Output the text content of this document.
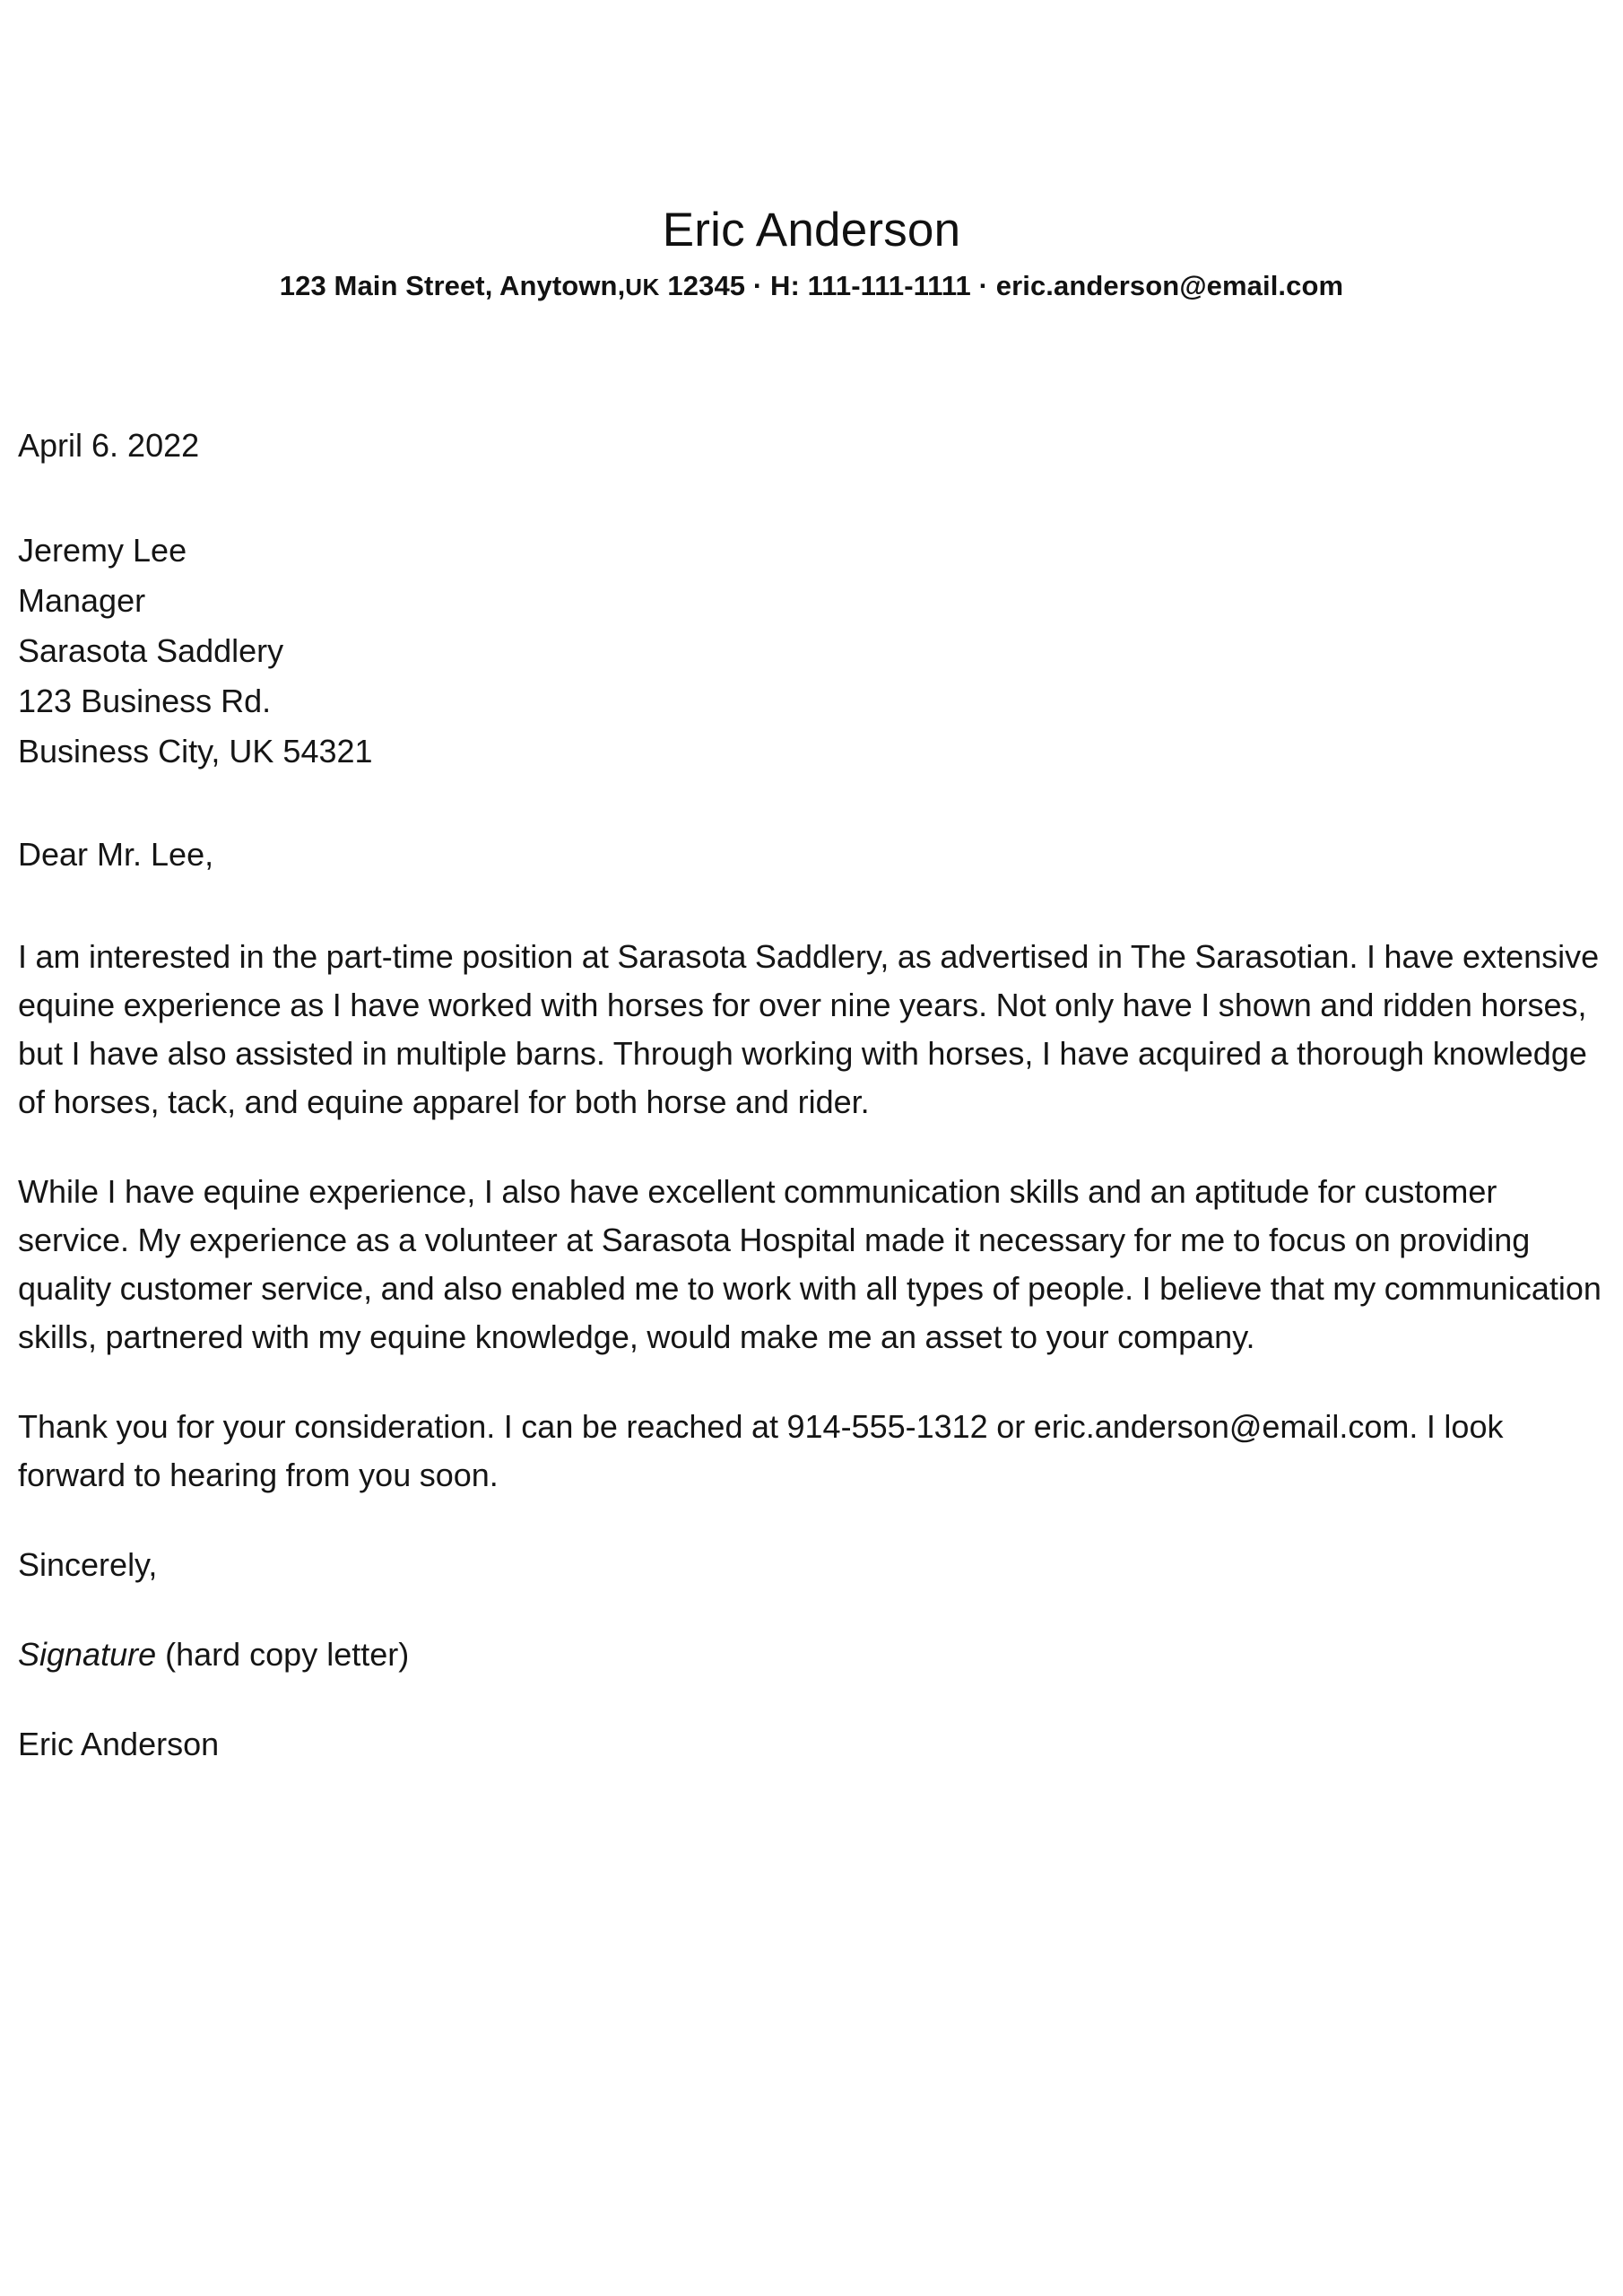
Eric Anderson
123 Main Street, Anytown,UK 12345 · H: 111-111-1111 · eric.anderson@email.com
April 6. 2022
Jeremy Lee
Manager
Sarasota Saddlery
123 Business Rd.
Business City, UK 54321
Dear Mr. Lee,

I am interested in the part-time position at Sarasota Saddlery, as advertised in The Sarasotian. I have extensive equine experience as I have worked with horses for over nine years. Not only have I shown and ridden horses, but I have also assisted in multiple barns. Through working with horses, I have acquired a thorough knowledge of horses, tack, and equine apparel for both horse and rider.

While I have equine experience, I also have excellent communication skills and an aptitude for customer service. My experience as a volunteer at Sarasota Hospital made it necessary for me to focus on providing quality customer service, and also enabled me to work with all types of people. I believe that my communication skills, partnered with my equine knowledge, would make me an asset to your company.

Thank you for your consideration. I can be reached at 914-555-1312 or eric.anderson@email.com. I look forward to hearing from you soon.

Sincerely,
Signature (hard copy letter)
Eric Anderson
